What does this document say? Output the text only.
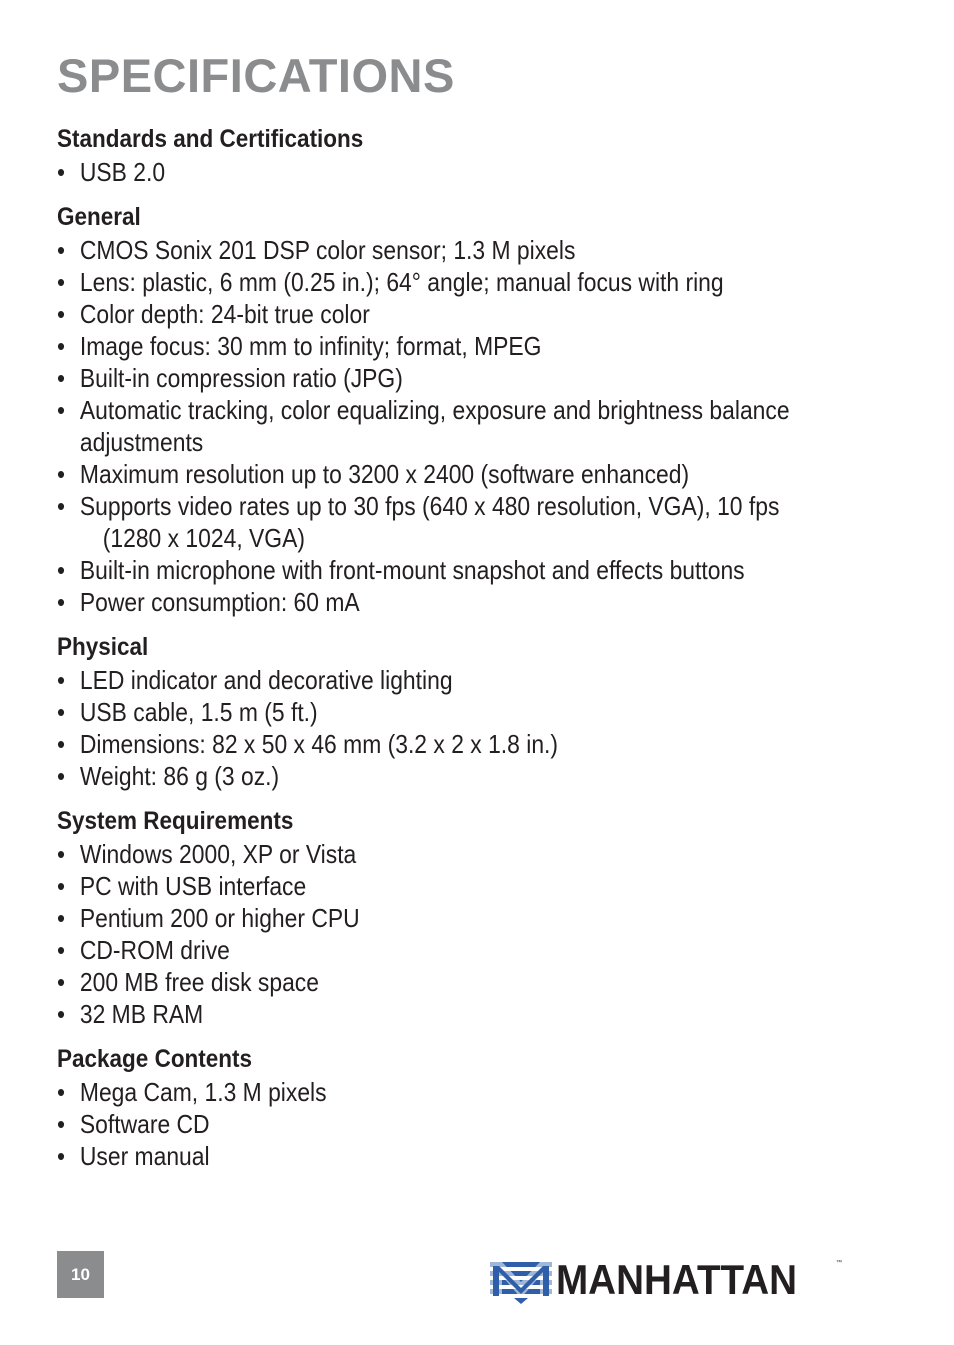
SPECIFICATIONS
Standards and Certifications
• USB 2.0
General
• CMOS Sonix 201 DSP color sensor; 1.3 M pixels
• Lens: plastic, 6 mm (0.25 in.); 64° angle; manual focus with ring
• Color depth: 24-bit true color
• Image focus: 30 mm to infinity; format, MPEG
• Built-in compression ratio (JPG)
• Automatic tracking, color equalizing, exposure and brightness balance
adjustments
• Maximum resolution up to 3200 x 2400 (software enhanced)
• Supports video rates up to 30 fps (640 x 480 resolution, VGA), 10 fps
(1280 x 1024, VGA)
• Built-in microphone with front-mount snapshot and effects buttons
• Power consumption: 60 mA
Physical
• LED indicator and decorative lighting
• USB cable, 1.5 m (5 ft.)
• Dimensions: 82 x 50 x 46 mm (3.2 x 2 x 1.8 in.)
• Weight: 86 g (3 oz.)
System Requirements
• Windows 2000, XP or Vista
• PC with USB interface
• Pentium 200 or higher CPU
• CD-ROM drive
• 200 MB free disk space
• 32 MB RAM
Package Contents
• Mega Cam, 1.3 M pixels
• Software CD
• User manual
10	MANHATTAN	™
